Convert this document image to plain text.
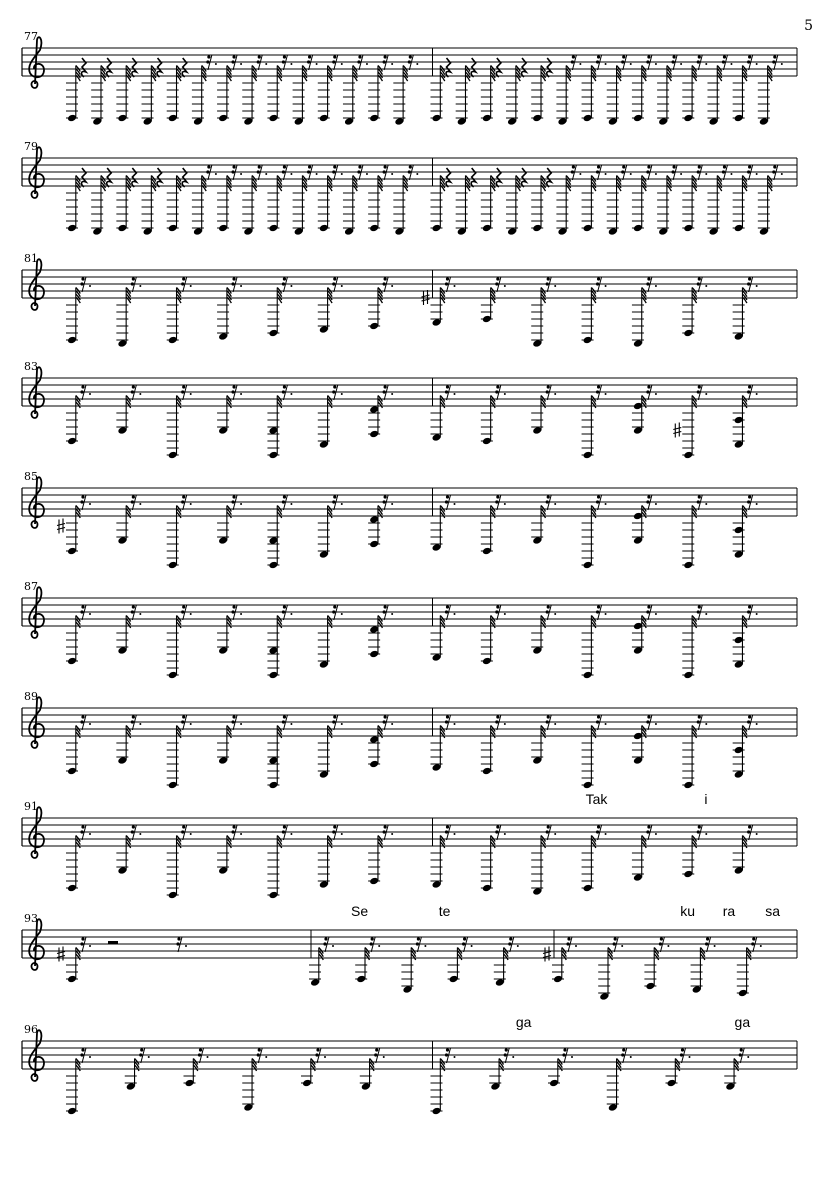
77
79
81
83
85
87
89
91	Tak	i
93	Se	te	ku ra sa
96	ga	ga
5
